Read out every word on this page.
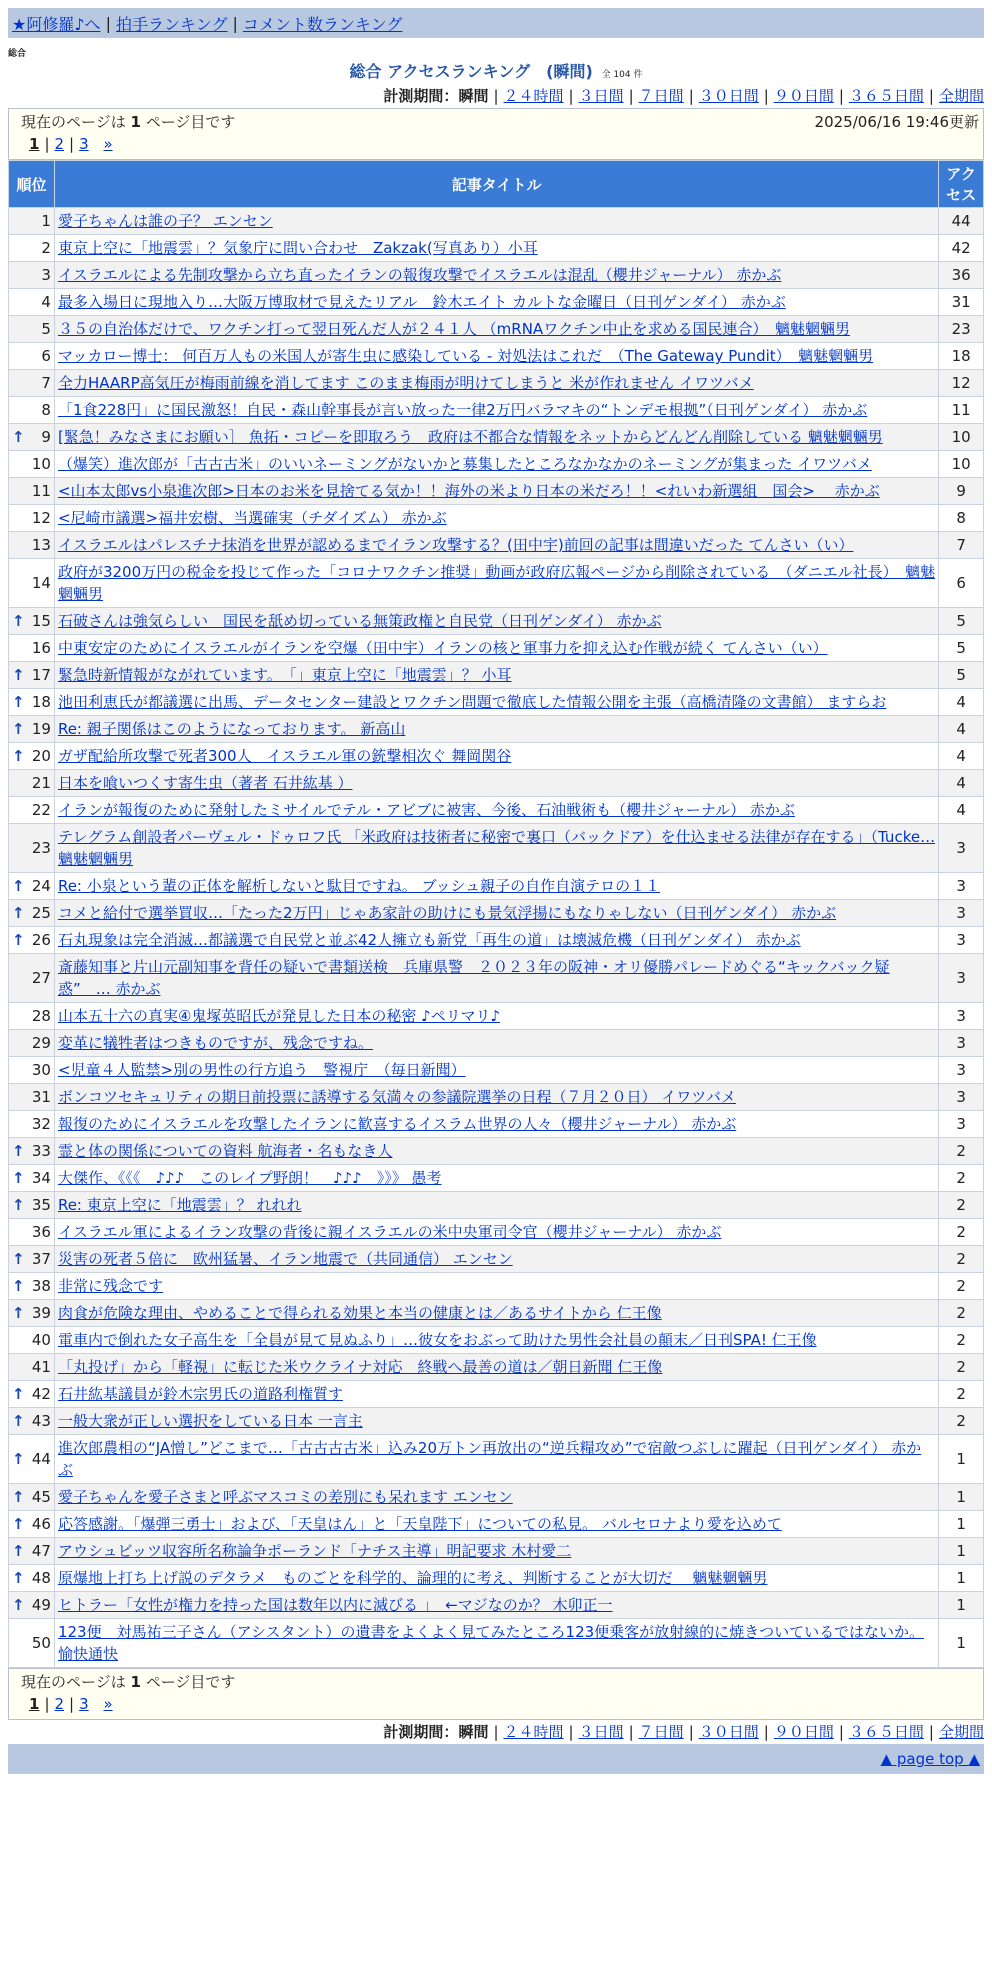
★阿修羅♪へ | 拍手ランキング | コメント数ランキング
総合
総合 アクセスランキング　(瞬間) 全 104 件
計測期間：瞬間 | ２４時間 | ３日間 | ７日間 | ３０日間 | ９０日間 | ３６５日間 | 全期間
現在のページは 1 ページ目です	2025/06/16 19:46更新
1 | 2 | 3 »
順位	記事タイトル	アクセス
1	愛子ちゃんは誰の子？ エンセン	44
2	東京上空に「地震雲」？気象庁に問い合わせ　Zakzak(写真あり）小耳	42
3	イスラエルによる先制攻撃から立ち直ったイランの報復攻撃でイスラエルは混乱（櫻井ジャーナル） 赤かぶ	36
4	最多入場日に現地入り…大阪万博取材で見えたリアル　鈴木エイト カルトな金曜日（日刊ゲンダイ） 赤かぶ	31
5	３５の自治体だけで、ワクチン打って翌日死んだ人が２４１人 （mRNAワクチン中止を求める国民連合）　魑魅魍魎男	23
6	マッカロー博士： 何百万人もの米国人が寄生虫に感染している - 対処法はこれだ　（The Gateway Pundit）　魑魅魍魎男	18
7	全力HAARP高気圧が梅雨前線を消してます このまま梅雨が明けてしまうと 米が作れません イワツバメ	12
8	「1食228円」に国民激怒！自民・森山幹事長が言い放った一律2万円バラマキの“トンデモ根拠”（日刊ゲンダイ） 赤かぶ	11

↑ 9	[緊急！みなさまにお願い］ 魚拓・コピーを即取ろう　政府は不都合な情報をネットからどんどん削除している 魑魅魍魎男	10
10	（爆笑）進次郎が「古古古米」のいいネーミングがないかと募集したところなかなかのネーミングが集まった イワツバメ	10
11	<山本太郎vs小泉進次郎>日本のお米を見捨てる気か！！海外の米より日本の米だろ！！<れいわ新選組　国会>　 赤かぶ	9
12	<尼崎市議選>福井宏樹、当選確実（チダイズム） 赤かぶ	8
13	イスラエルはパレスチナ抹消を世界が認めるまでイラン攻撃する？(田中宇)前回の記事は間違いだった てんさい（い）	7
14	政府が3200万円の税金を投じて作った「コロナワクチン推奨」動画が政府広報ページから削除されている　（ダニエル社長）　魑魅魍魎男	6

↑ 15	石破さんは強気らしい　国民を舐め切っている無策政権と自民党（日刊ゲンダイ） 赤かぶ	5
16	中東安定のためにイスラエルがイランを空爆（田中宇）イランの核と軍事力を抑え込む作戦が続く てんさい（い）	5

↑ 17	緊急時新情報がながれています。　「」東京上空に「地震雲」？ 小耳	5

↑ 18	池田利恵氏が都議選に出馬、データセンター建設とワクチン問題で徹底した情報公開を主張（高橋清隆の文書館） ますらお	4

↑ 19	Re: 親子関係はこのようになっております。 新高山	4

↑ 20	ガザ配給所攻撃で死者300人　イスラエル軍の銃撃相次ぐ 舞岡関谷	4
21	日本を喰いつくす寄生虫（著者 石井紘基 ）	4
22	イランが報復のために発射したミサイルでテル・アビブに被害、今後、石油戦術も（櫻井ジャーナル） 赤かぶ	4
23	テレグラム創設者パーヴェル・ドゥロフ氏 「米政府は技術者に秘密で裏口（バックドア）を仕込ませる法律が存在する」（Tucke… 魑魅魍魎男	3

↑ 24	Re: 小泉という輩の正体を解析しないと駄目ですね。 ブッシュ親子の自作自演テロの１１	3

↑ 25	コメと給付で選挙買収…「たった2万円」じゃあ家計の助けにも景気浮揚にもなりゃしない（日刊ゲンダイ） 赤かぶ	3

↑ 26	石丸現象は完全消滅…都議選で自民党と並ぶ42人擁立も新党「再生の道」は壊滅危機（日刊ゲンダイ） 赤かぶ	3
27	斎藤知事と片山元副知事を背任の疑いで書類送検　兵庫県警　２０２３年の阪神・オリ優勝パレードめぐる“キックバック疑惑”　… 赤かぶ	3
28	山本五十六の真実④鬼塚英昭氏が発見した日本の秘密 ♪ペリマリ♪	3
29	変革に犠牲者はつきものですが、残念ですね。	3
30	<児童４人監禁>別の男性の行方追う　警視庁　（毎日新聞）	3
31	ボンコツセキュリティの期日前投票に誘導する気満々の参議院選挙の日程（７月２０日） イワツバメ	3
32	報復のためにイスラエルを攻撃したイランに歓喜するイスラム世界の人々（櫻井ジャーナル） 赤かぶ	3

↑ 33	霊と体の関係についての資料 航海者・名もなき人	2

↑ 34	大傑作、《《《　♪♪♪　このレイプ野朗！　♪♪♪　》》》 愚考	2

↑ 35	Re: 東京上空に「地震雲」？ れれれ	2
36	イスラエル軍によるイラン攻撃の背後に親イスラエルの米中央軍司令官（櫻井ジャーナル） 赤かぶ	2

↑ 37	災害の死者５倍に　欧州猛暑、イラン地震で（共同通信） エンセン	2

↑ 38	非常に残念です	2

↑ 39	肉食が危険な理由、やめることで得られる効果と本当の健康とは／あるサイトから 仁王像	2
40	電車内で倒れた女子高生を「全員が見て見ぬふり」…彼女をおぶって助けた男性会社員の顛末／日刊SPA! 仁王像	2
41	「丸投げ」から「軽視」に転じた米ウクライナ対応　終戦へ最善の道は／朝日新聞 仁王像	2

↑ 42	石井紘基議員が鈴木宗男氏の道路利権質す	2

↑ 43	一般大衆が正しい選択をしている日本 一言主	2

↑ 44	進次郎農相の“JA憎し”どこまで…「古古古古米」込み20万トン再放出の“逆兵糧攻め”で宿敵つぶしに躍起（日刊ゲンダイ） 赤かぶ	1

↑ 45	愛子ちゃんを愛子さまと呼ぶマスコミの差別にも呆れます エンセン	1

↑ 46	応答感謝。「爆弾三勇士」および、「天皇はん」と「天皇陛下」についての私見。 バルセロナより愛を込めて	1

↑ 47	アウシュビッツ収容所名称論争ポーランド「ナチス主導」明記要求 木村愛二	1

↑ 48	原爆地上打ち上げ説のデタラメ　ものごとを科学的、論理的に考え、判断することが大切だ　 魑魅魍魎男	1

↑ 49	ヒトラー「女性が権力を持った国は数年以内に滅びる 」　←マジなのか？ 木卯正一	1
50	123便　対馬祐三子さん（アシスタント）の遺書をよくよく見てみたところ123便乗客が放射線的に焼きついているではないか。 愉快通快	1
現在のページは 1 ページ目です
1 | 2 | 3 »
計測期間：瞬間 | ２４時間 | ３日間 | ７日間 | ３０日間 | ９０日間 | ３６５日間 | 全期間
▲ page top ▲
